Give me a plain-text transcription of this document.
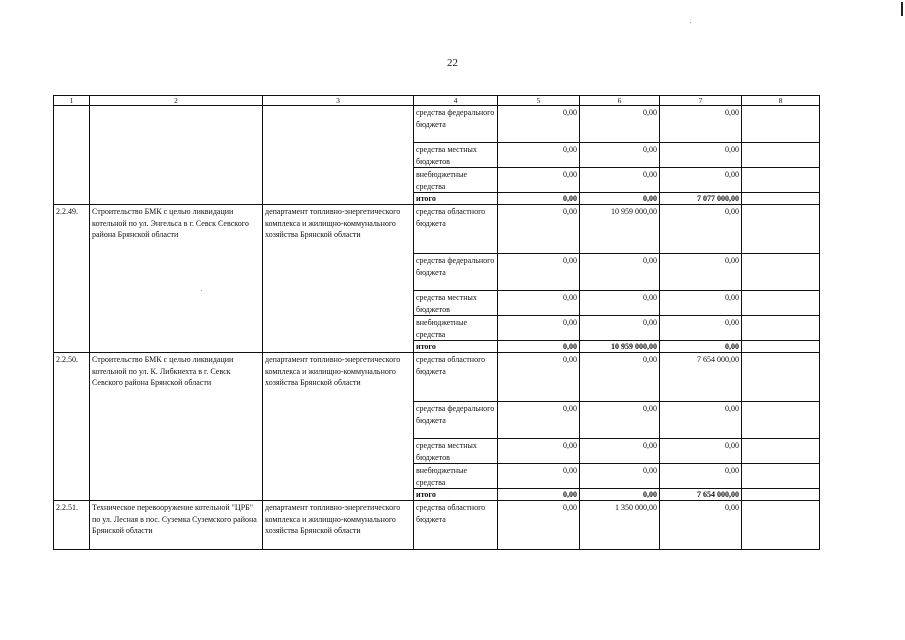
22
1	2	3	4	5	6	7	8
			средства федерального бюджета	0,00	0,00	0,00	
			средства местных бюджетов	0,00	0,00	0,00	
			внебюджетные средства	0,00	0,00	0,00	
			итого	0,00	0,00	7 077 000,00	
2.2.49.	Строительство БМК с целью ликвидации котельной по ул. Энгельса в г. Севск Севского района Брянской области	департамент топливно-энергетического комплекса и жилищно-коммунального хозяйства Брянской области	средства областного бюджета	0,00	10 959 000,00	0,00	
			средства федерального бюджета	0,00	0,00	0,00	
			средства местных бюджетов	0,00	0,00	0,00	
			внебюджетные средства	0,00	0,00	0,00	
			итого	0,00	10 959 000,00	0,00	
2.2.50.	Строительство БМК с целью ликвидации котельной по ул. К. Либкнехта в г. Севск Севского района Брянской области	департамент топливно-энергетического комплекса и жилищно-коммунального хозяйства Брянской области	средства областного бюджета	0,00	0,00	7 654 000,00	
			средства федерального бюджета	0,00	0,00	0,00	
			средства местных бюджетов	0,00	0,00	0,00	
			внебюджетные средства	0,00	0,00	0,00	
			итого	0,00	0,00	7 654 000,00	
2.2.51.	Техническое перевооружение котельной "ЦРБ" по ул. Лесная в пос. Суземка Суземского района Брянской области	департамент топливно-энергетического комплекса и жилищно-коммунального хозяйства Брянской области	средства областного бюджета	0,00	1 350 000,00	0,00	
